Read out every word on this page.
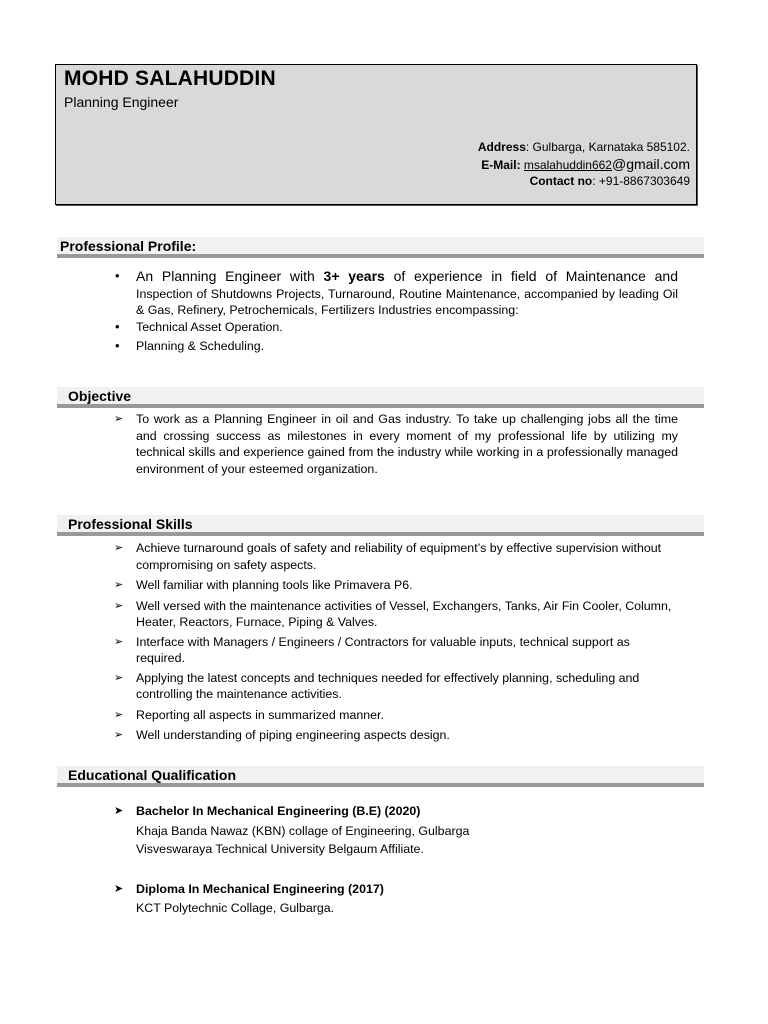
MOHD SALAHUDDIN
Planning Engineer
Address: Gulbarga, Karnataka 585102.
E-Mail: msalahuddin662@gmail.com
Contact no: +91-8867303649
Professional Profile:
• An Planning Engineer with 3+ years of experience in field of Maintenance and Inspection of Shutdowns Projects, Turnaround, Routine Maintenance, accompanied by leading Oil & Gas, Refinery, Petrochemicals, Fertilizers Industries encompassing:
• Technical Asset Operation.
• Planning & Scheduling.
Objective
➢ To work as a Planning Engineer in oil and Gas industry. To take up challenging jobs all the time and crossing success as milestones in every moment of my professional life by utilizing my technical skills and experience gained from the industry while working in a professionally managed environment of your esteemed organization.
Professional Skills
➢ Achieve turnaround goals of safety and reliability of equipment’s by effective supervision without compromising on safety aspects.
➢ Well familiar with planning tools like Primavera P6.
➢ Well versed with the maintenance activities of Vessel, Exchangers, Tanks, Air Fin Cooler, Column, Heater, Reactors, Furnace, Piping & Valves.
➢ Interface with Managers / Engineers / Contractors for valuable inputs, technical support as required.
➢ Applying the latest concepts and techniques needed for effectively planning, scheduling and controlling the maintenance activities.
➢ Reporting all aspects in summarized manner.
➢ Well understanding of piping engineering aspects design.
Educational Qualification
➤ Bachelor In Mechanical Engineering (B.E) (2020)
Khaja Banda Nawaz (KBN) collage of Engineering, Gulbarga
Visveswaraya Technical University Belgaum Affiliate.
➤ Diploma In Mechanical Engineering (2017)
KCT Polytechnic Collage, Gulbarga.
